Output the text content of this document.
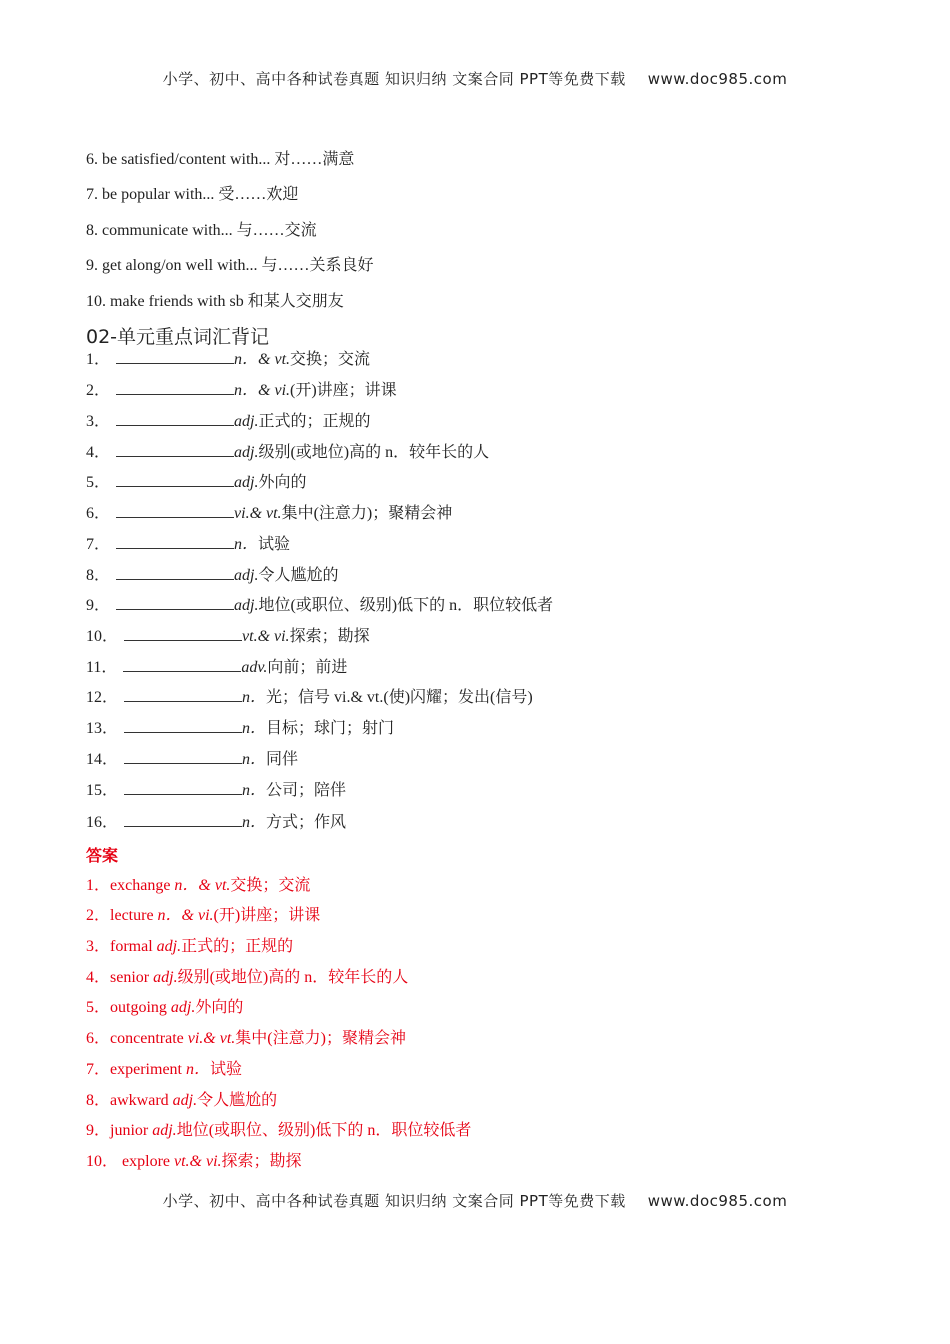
小学、初中、高中各种试卷真题 知识归纳 文案合同 PPT等免费下载 www.doc985.com
6. be satisfied/content with... 对……满意
7. be popular with... 受……欢迎
8. communicate with... 与……交流
9. get along/on well with... 与……关系良好
10. make friends with sb 和某人交朋友
02-单元重点词汇背记
1．	n．& vt.交换；交流
2．	n．& vi.(开)讲座；讲课
3．	adj.正式的；正规的
4．	adj.级别(或地位)高的 n．较年长的人
5．	adj.外向的
6．	vi.& vt.集中(注意力)；聚精会神
7．	n．试验
8．	adj.令人尴尬的
9．	adj.地位(或职位、级别)低下的 n．职位较低者
10．	vt.& vi.探索；勘探
11．	adv.向前；前进
12．	n．光；信号 vi.& vt.(使)闪耀；发出(信号)
13．	n．目标；球门；射门
14．	n．同伴
15．	n．公司；陪伴
16．	n．方式；作风
答案
1．exchange n．& vt.交换；交流
2．lecture n．& vi.(开)讲座；讲课
3．formal adj.正式的；正规的
4．senior adj.级别(或地位)高的 n．较年长的人
5．outgoing adj.外向的
6．concentrate vi.& vt.集中(注意力)；聚精会神
7．experiment n．试验
8．awkward adj.令人尴尬的
9．junior adj.地位(或职位、级别)低下的 n．职位较低者
10． explore vt.& vi.探索；勘探
小学、初中、高中各种试卷真题 知识归纳 文案合同 PPT等免费下载 www.doc985.com
